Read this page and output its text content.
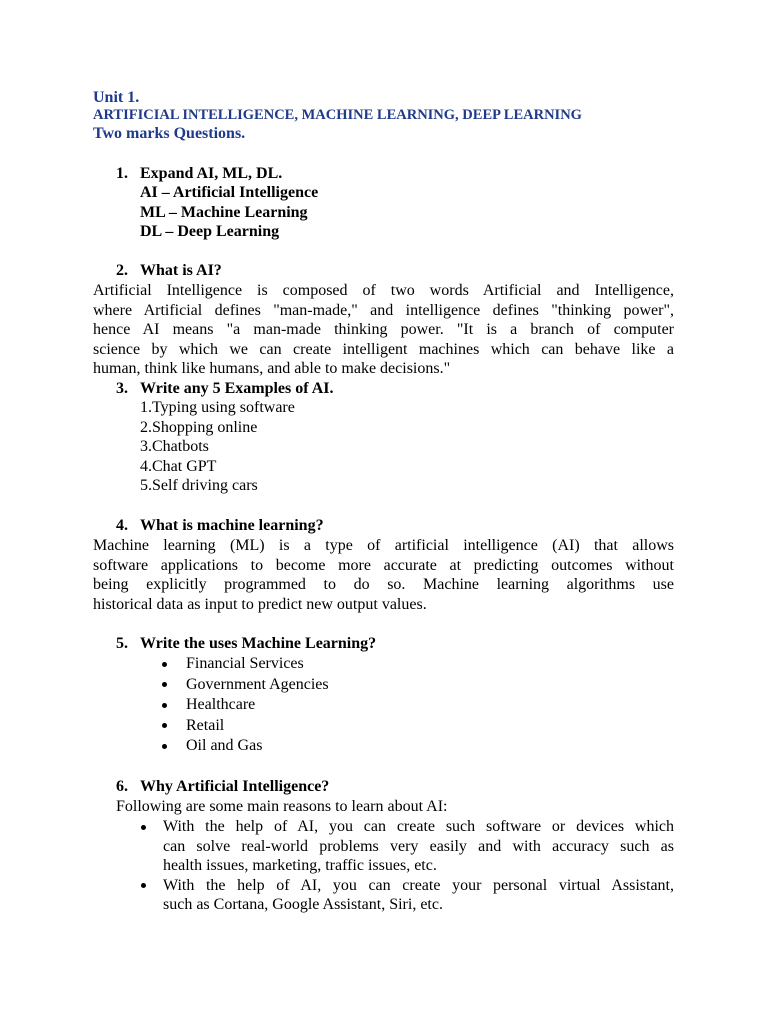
Unit 1.
ARTIFICIAL INTELLIGENCE, MACHINE LEARNING, DEEP LEARNING
Two marks Questions.
1. Expand AI, ML, DL.
AI – Artificial Intelligence
ML – Machine Learning
DL – Deep Learning
2. What is AI?
Artificial Intelligence is composed of two words Artificial and Intelligence,
where Artificial defines "man-made," and intelligence defines "thinking power",
hence AI means "a man-made thinking power. "It is a branch of computer
science by which we can create intelligent machines which can behave like a
human, think like humans, and able to make decisions."
3. Write any 5 Examples of AI.
1.Typing using software
2.Shopping online
3.Chatbots
4.Chat GPT
5.Self driving cars
4. What is machine learning?
Machine learning (ML) is a type of artificial intelligence (AI) that allows
software applications to become more accurate at predicting outcomes without
being explicitly programmed to do so. Machine learning algorithms use
historical data as input to predict new output values.
5. Write the uses Machine Learning?
Financial Services
Government Agencies
Healthcare
Retail
Oil and Gas
6. Why Artificial Intelligence?
Following are some main reasons to learn about AI:
With the help of AI, you can create such software or devices which
can solve real-world problems very easily and with accuracy such as
health issues, marketing, traffic issues, etc.
With the help of AI, you can create your personal virtual Assistant,
such as Cortana, Google Assistant, Siri, etc.
